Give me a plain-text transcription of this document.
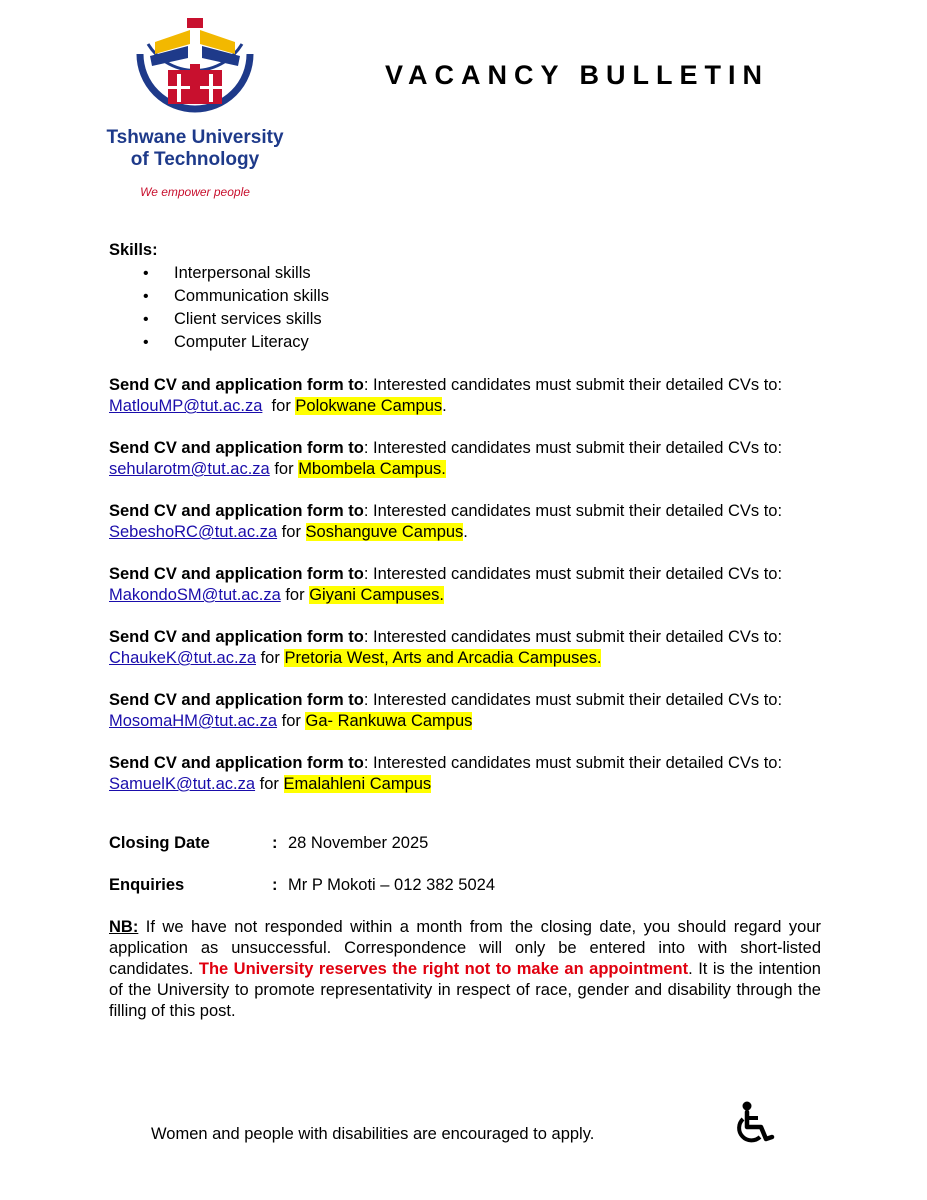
Tshwane University
of Technology
We empower people
VACANCY BULLETIN

Skills:

• Interpersonal skills
• Communication skills
• Client services skills
• Computer Literacy

Send CV and application form to: Interested candidates must submit their detailed CVs to: MatlouMP@tut.ac.za  for Polokwane Campus.

Send CV and application form to: Interested candidates must submit their detailed CVs to: sehularotm@tut.ac.za for Mbombela Campus.

Send CV and application form to: Interested candidates must submit their detailed CVs to: SebeshoRC@tut.ac.za for Soshanguve Campus.

Send CV and application form to: Interested candidates must submit their detailed CVs to: MakondoSM@tut.ac.za for Giyani Campuses.

Send CV and application form to: Interested candidates must submit their detailed CVs to: ChaukeK@tut.ac.za for Pretoria West, Arts and Arcadia Campuses.

Send CV and application form to: Interested candidates must submit their detailed CVs to: MosomaHM@tut.ac.za for Ga- Rankuwa Campus

Send CV and application form to: Interested candidates must submit their detailed CVs to: SamuelK@tut.ac.za for Emalahleni Campus

Closing Date	: 28 November 2025
Enquiries	: Mr P Mokoti – 012 382 5024

NB: If we have not responded within a month from the closing date, you should regard your application as unsuccessful. Correspondence will only be entered into with short-listed candidates. The University reserves the right not to make an appointment. It is the intention of the University to promote representativity in respect of race, gender and disability through the filling of this post.

Women and people with disabilities are encouraged to apply.
